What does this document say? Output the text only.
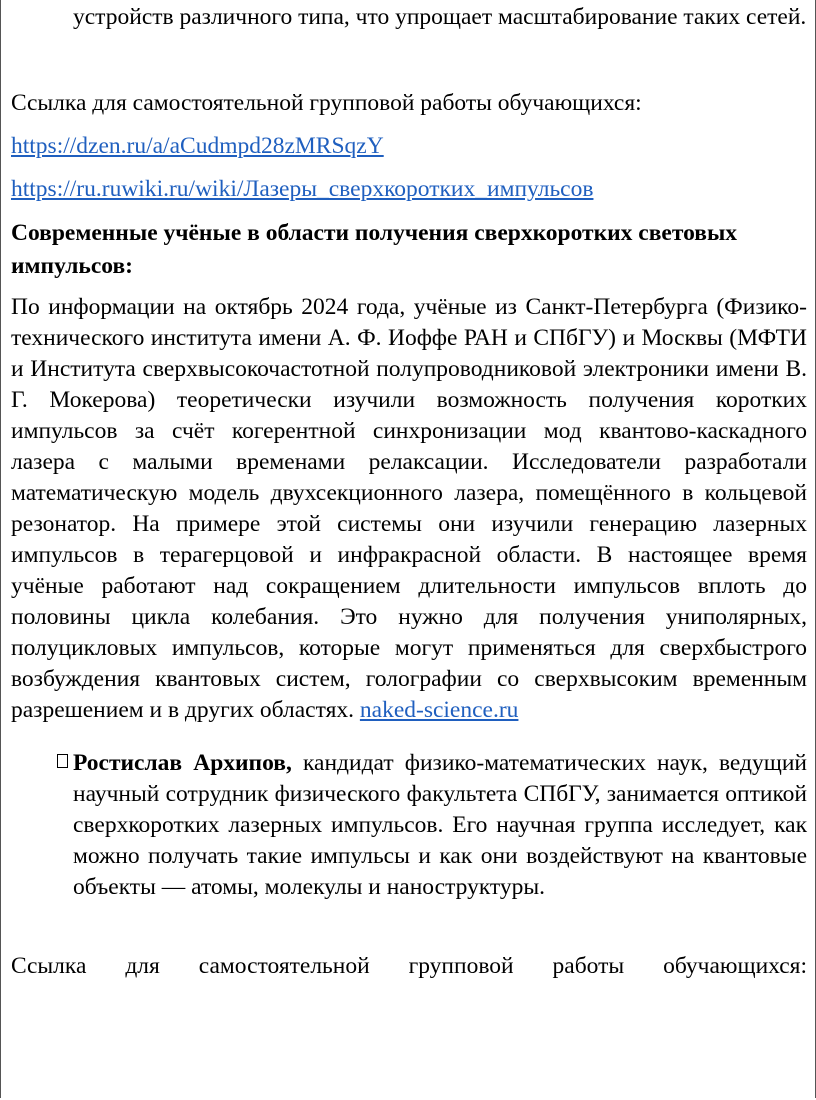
устройств различного типа, что упрощает масштабирование таких сетей.

Ссылка для самостоятельной групповой работы обучающихся:

https://dzen.ru/a/aCudmpd28zMRSqzY

https://ru.ruwiki.ru/wiki/Лазеры_сверхкоротких_импульсов

Современные учёные в области получения сверхкоротких световых импульсов:

По информации на октябрь 2024 года, учёные из Санкт-Петербурга (Физико-технического института имени А. Ф. Иоффе РАН и СПбГУ) и Москвы (МФТИ и Института сверхвысокочастотной полупроводниковой электроники имени В. Г. Мокерова) теоретически изучили возможность получения коротких импульсов за счёт когерентной синхронизации мод квантово-каскадного лазера с малыми временами релаксации. Исследователи разработали математическую модель двухсекционного лазера, помещённого в кольцевой резонатор. На примере этой системы они изучили генерацию лазерных импульсов в терагерцовой и инфракрасной области. В настоящее время учёные работают над сокращением длительности импульсов вплоть до половины цикла колебания. Это нужно для получения униполярных, полуцикловых импульсов, которые могут применяться для сверхбыстрого возбуждения квантовых систем, голографии со сверхвысоким временным разрешением и в других областях. naked-science.ru

Ростислав Архипов, кандидат физико-математических наук, ведущий научный сотрудник физического факультета СПбГУ, занимается оптикой сверхкоротких лазерных импульсов. Его научная группа исследует, как можно получать такие импульсы и как они воздействуют на квантовые объекты — атомы, молекулы и наноструктуры.

Ссылка для самостоятельной групповой работы обучающихся:
